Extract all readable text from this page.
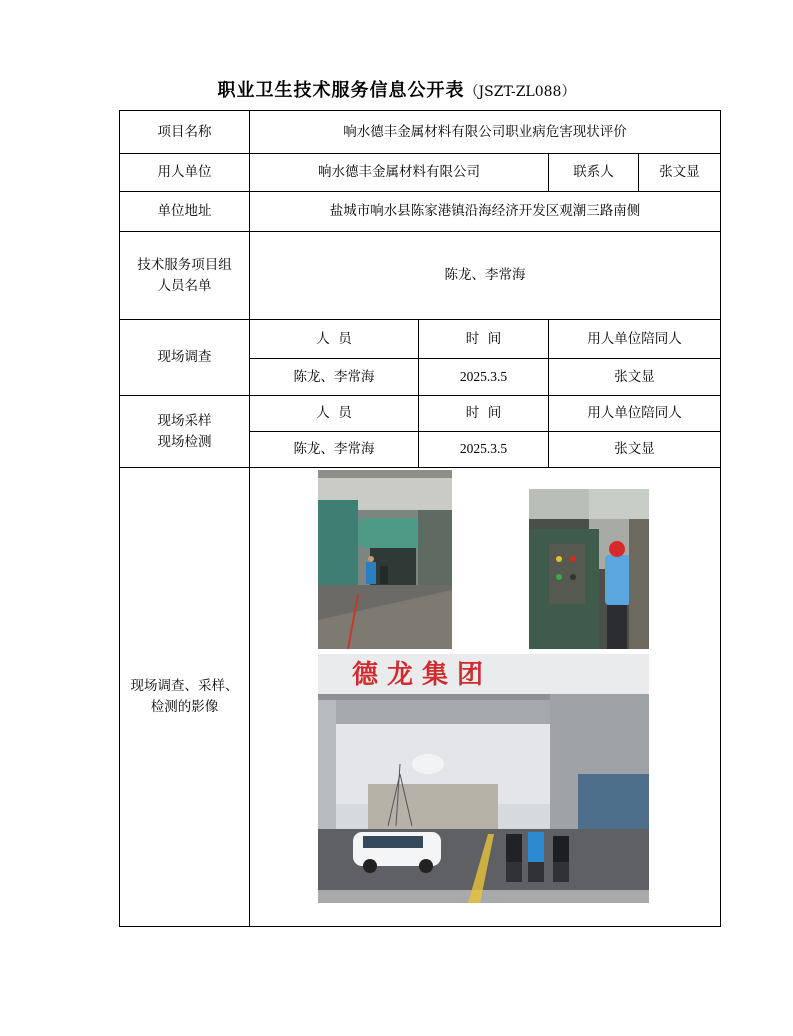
职业卫生技术服务信息公开表（JSZT-ZL088）
项目名称	响水德丰金属材料有限公司职业病危害现状评价			
用人单位	响水德丰金属材料有限公司		联系人	张文显
单位地址	盐城市响水县陈家港镇沿海经济开发区观潮三路南侧			

技术服务项目组
人员名单	陈龙、李常海			
现场调查	人  员	时  间	用人单位陪同人	
	陈龙、李常海	2025.3.5	张文显	

现场采样
现场检测	人  员	时  间	用人单位陪同人	
	陈龙、李常海	2025.3.5	张文显	

现场调查、采样、
检测的影像	德龙集团			
